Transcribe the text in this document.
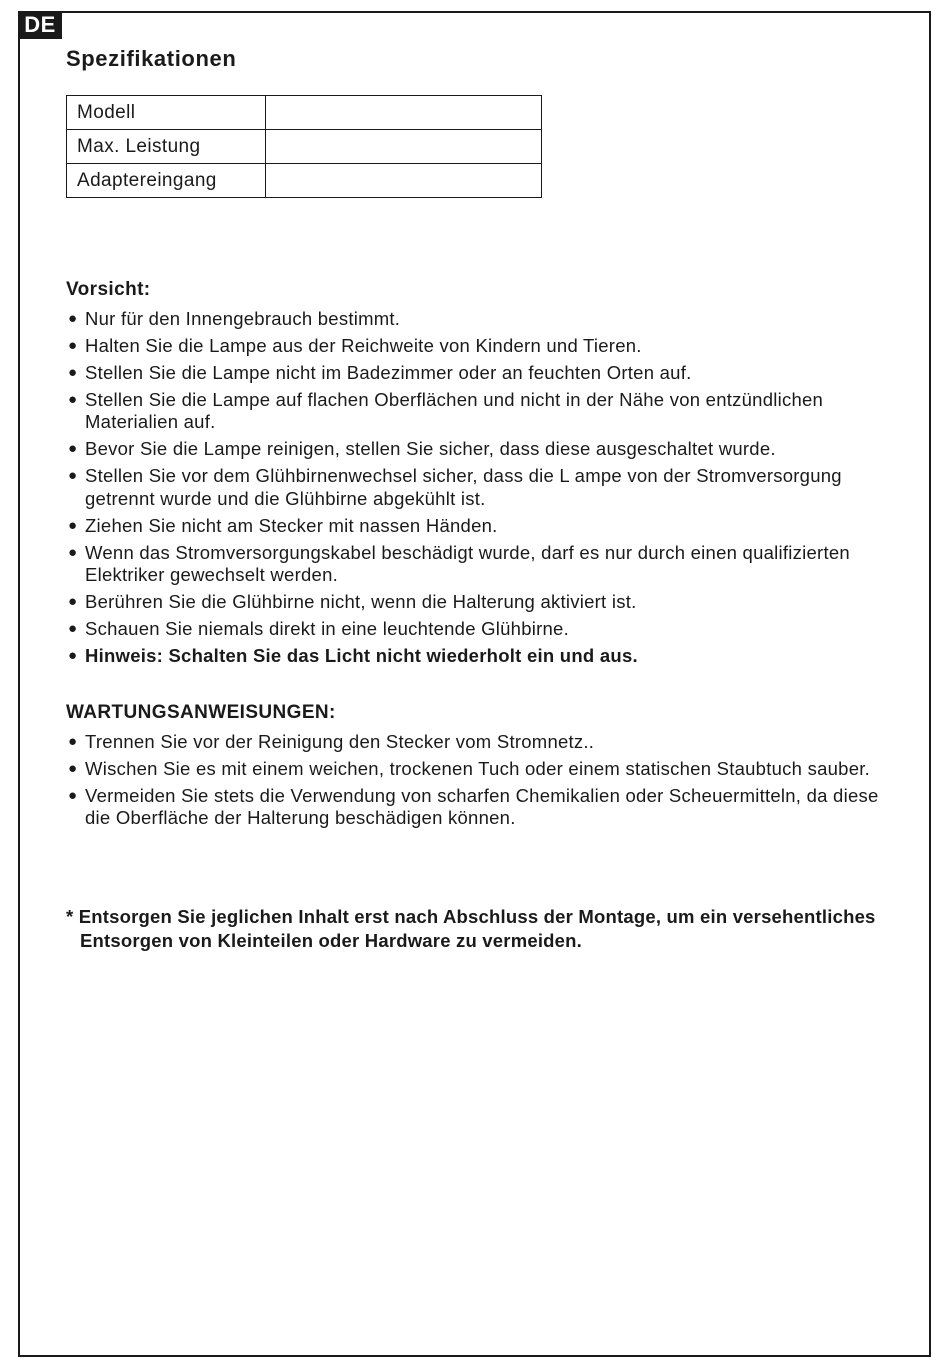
DE
Spezifikationen
Modell	
Max. Leistung	
Adaptereingang	
Vorsicht:
● Nur für den Innengebrauch bestimmt.
● Halten Sie die Lampe aus der Reichweite von Kindern und Tieren.
● Stellen Sie die Lampe nicht im Badezimmer oder an feuchten Orten auf.
● Stellen Sie die Lampe auf flachen Oberflächen und nicht in der Nähe von entzündlichen Materialien auf.
● Bevor Sie die Lampe reinigen, stellen Sie sicher, dass diese ausgeschaltet wurde.
● Stellen Sie vor dem Glühbirnenwechsel sicher, dass die L ampe von der Stromversorgung getrennt wurde und die Glühbirne abgekühlt ist.
● Ziehen Sie nicht am Stecker mit nassen Händen.
● Wenn das Stromversorgungskabel beschädigt wurde, darf es nur durch einen qualifizierten Elektriker gewechselt werden.
● Berühren Sie die Glühbirne nicht, wenn die Halterung aktiviert ist.
● Schauen Sie niemals direkt in eine leuchtende Glühbirne.
● Hinweis: Schalten Sie das Licht nicht wiederholt ein und aus.
WARTUNGSANWEISUNGEN:
● Trennen Sie vor der Reinigung den Stecker vom Stromnetz..
● Wischen Sie es mit einem weichen, trockenen Tuch oder einem statischen Staubtuch sauber.
● Vermeiden Sie stets die Verwendung von scharfen Chemikalien oder Scheuermitteln, da diese die Oberfläche der Halterung beschädigen können.
* Entsorgen Sie jeglichen Inhalt erst nach Abschluss der Montage, um ein versehentliches Entsorgen von Kleinteilen oder Hardware zu vermeiden.
